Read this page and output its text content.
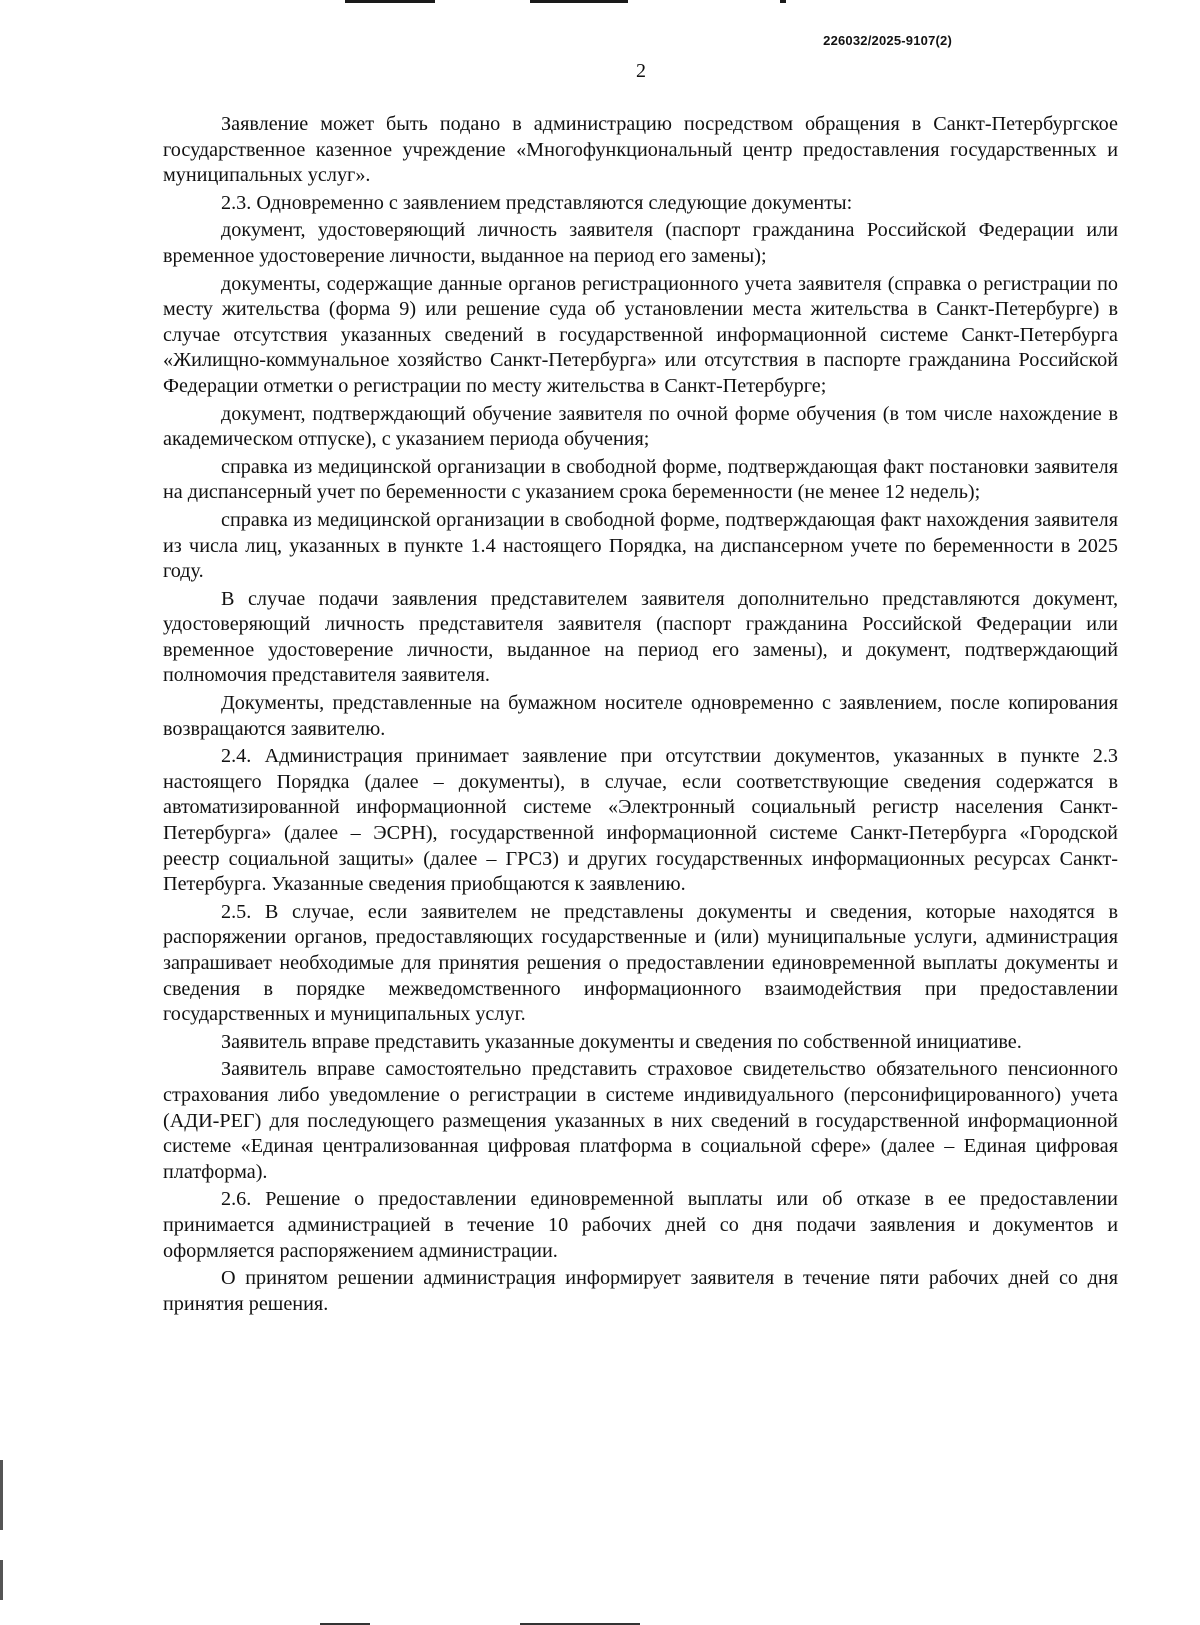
226032/2025-9107(2)
2

Заявление может быть подано в администрацию посредством обращения в Санкт-Петербургское государственное казенное учреждение «Многофункциональный центр предоставления государственных и муниципальных услуг».

2.3. Одновременно с заявлением представляются следующие документы:

документ, удостоверяющий личность заявителя (паспорт гражданина Российской Федерации или временное удостоверение личности, выданное на период его замены);

документы, содержащие данные органов регистрационного учета заявителя (справка о регистрации по месту жительства (форма 9) или решение суда об установлении места жительства в Санкт-Петербурге) в случае отсутствия указанных сведений в государственной информационной системе Санкт-Петербурга «Жилищно-коммунальное хозяйство Санкт-Петербурга» или отсутствия в паспорте гражданина Российской Федерации отметки о регистрации по месту жительства в Санкт-Петербурге;

документ, подтверждающий обучение заявителя по очной форме обучения (в том числе нахождение в академическом отпуске), с указанием периода обучения;

справка из медицинской организации в свободной форме, подтверждающая факт постановки заявителя на диспансерный учет по беременности с указанием срока беременности (не менее 12 недель);

справка из медицинской организации в свободной форме, подтверждающая факт нахождения заявителя из числа лиц, указанных в пункте 1.4 настоящего Порядка, на диспансерном учете по беременности в 2025 году.

В случае подачи заявления представителем заявителя дополнительно представляются документ, удостоверяющий личность представителя заявителя (паспорт гражданина Российской Федерации или временное удостоверение личности, выданное на период его замены), и документ, подтверждающий полномочия представителя заявителя.

Документы, представленные на бумажном носителе одновременно с заявлением, после копирования возвращаются заявителю.

2.4. Администрация принимает заявление при отсутствии документов, указанных в пункте 2.3 настоящего Порядка (далее – документы), в случае, если соответствующие сведения содержатся в автоматизированной информационной системе «Электронный социальный регистр населения Санкт-Петербурга» (далее – ЭСРН), государственной информационной системе Санкт-Петербурга «Городской реестр социальной защиты» (далее – ГРСЗ) и других государственных информационных ресурсах Санкт-Петербурга. Указанные сведения приобщаются к заявлению.

2.5. В случае, если заявителем не представлены документы и сведения, которые находятся в распоряжении органов, предоставляющих государственные и (или) муниципальные услуги, администрация запрашивает необходимые для принятия решения о предоставлении единовременной выплаты документы и сведения в порядке межведомственного информационного взаимодействия при предоставлении государственных и муниципальных услуг.

Заявитель вправе представить указанные документы и сведения по собственной инициативе.

Заявитель вправе самостоятельно представить страховое свидетельство обязательного пенсионного страхования либо уведомление о регистрации в системе индивидуального (персонифицированного) учета (АДИ-РЕГ) для последующего размещения указанных в них сведений в государственной информационной системе «Единая централизованная цифровая платформа в социальной сфере» (далее – Единая цифровая платформа).

2.6. Решение о предоставлении единовременной выплаты или об отказе в ее предоставлении принимается администрацией в течение 10 рабочих дней со дня подачи заявления и документов и оформляется распоряжением администрации.

О принятом решении администрация информирует заявителя в течение пяти рабочих дней со дня принятия решения.
